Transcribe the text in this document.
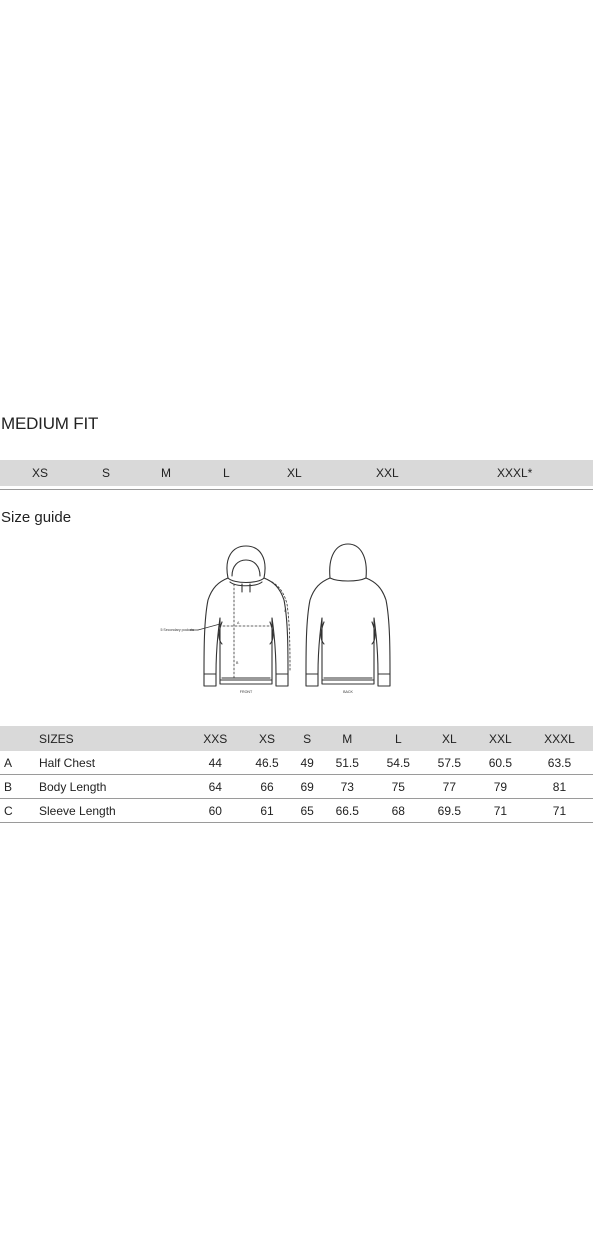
MEDIUM FIT
XS	S	M	L	XL	XXL	XXXL*
Size guide
5 Secondary pockets
A
B
C
FRONT	BACK
	SIZES	XXS	XS	S	M	L	XL	XXL	XXXL
A	Half Chest	44	46.5	49	51.5	54.5	57.5	60.5	63.5
B	Body Length	64	66	69	73	75	77	79	81
C	Sleeve Length	60	61	65	66.5	68	69.5	71	71
